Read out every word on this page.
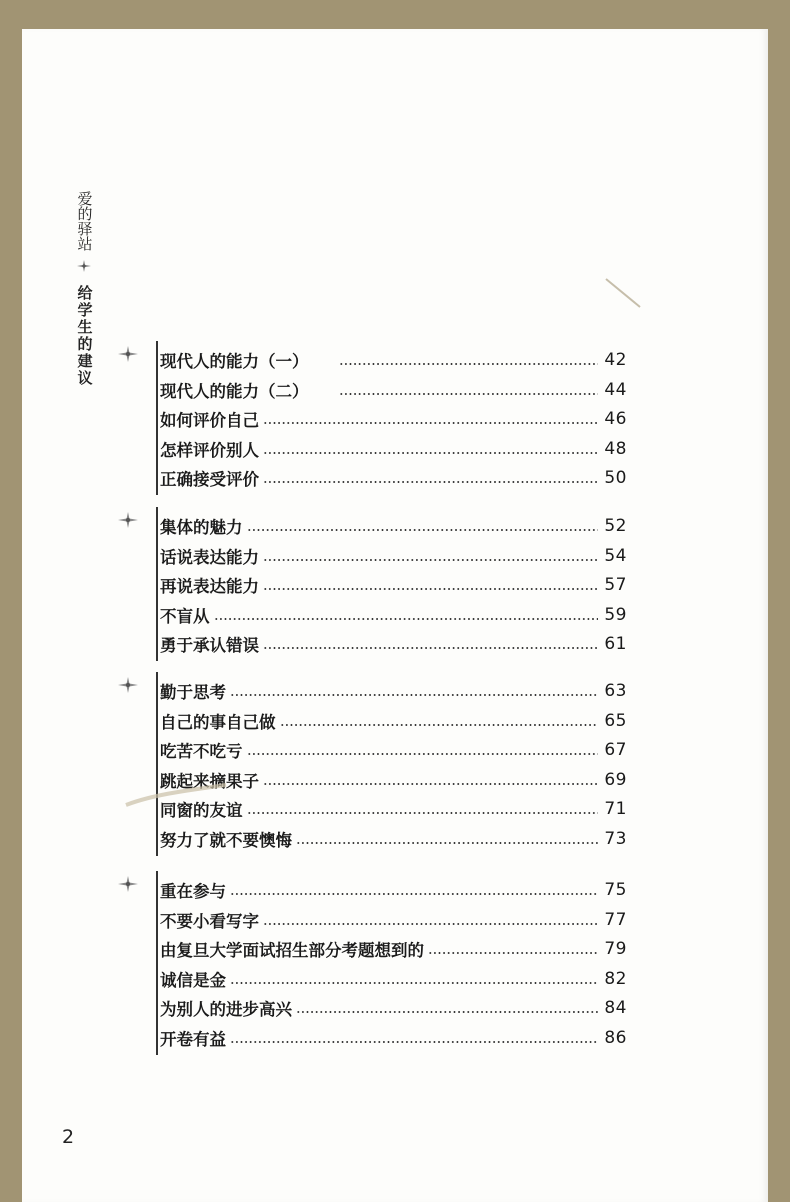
爱的驿站
给学生的建议	现代人的能力（一）	42
现代人的能力（二）	44
如何评价自己	46
怎样评价别人	48
正确接受评价	50
集体的魅力	52
话说表达能力	54
再说表达能力	57
不盲从	59
勇于承认错误	61
勤于思考	63
自己的事自己做	65
吃苦不吃亏	67
跳起来摘果子	69
同窗的友谊	71
努力了就不要懊悔	73
重在参与	75
不要小看写字	77
由复旦大学面试招生部分考题想到的	79
诚信是金	82
为别人的进步高兴	84
开卷有益	86
2
